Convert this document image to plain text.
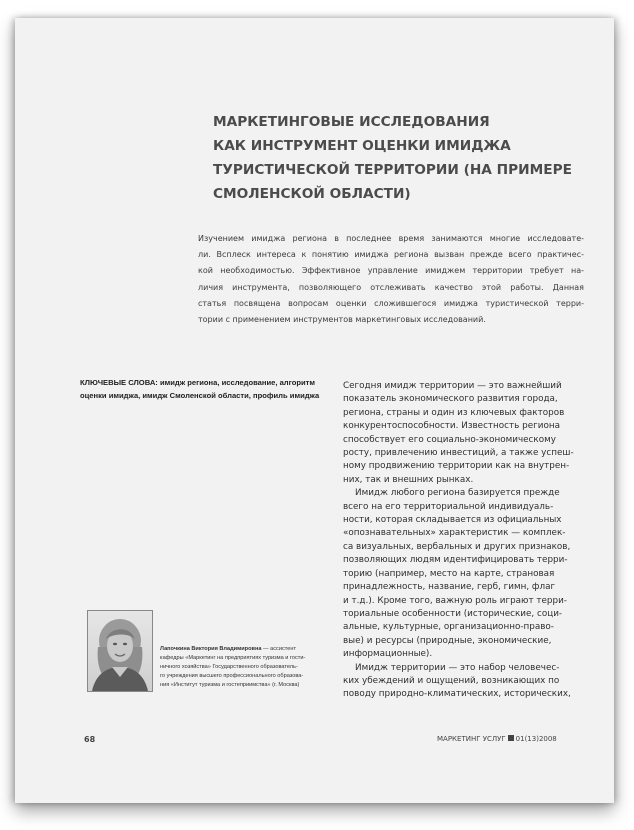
МАРКЕТИНГОВЫЕ ИССЛЕДОВАНИЯ
КАК ИНСТРУМЕНТ ОЦЕНКИ ИМИДЖА
ТУРИСТИЧЕСКОЙ ТЕРРИТОРИИ (НА ПРИМЕРЕ
СМОЛЕНСКОЙ ОБЛАСТИ)
Изучением имиджа региона в последнее время занимаются многие исследовате-
ли. Всплеск интереса к понятию имиджа региона вызван прежде всего практичес-
кой необходимостью. Эффективное управление имиджем территории требует на-
личия инструмента, позволяющего отслеживать качество этой работы. Данная
статья посвящена вопросам оценки сложившегося имиджа туристической терри-
тории с применением инструментов маркетинговых исследований.
КЛЮЧЕВЫЕ СЛОВА: имидж региона, исследование, алгоритм
оценки имиджа, имидж Смоленской области, профиль имиджа
Сегодня имидж территории — это важнейший
показатель экономического развития города,
региона, страны и один из ключевых факторов
конкурентоспособности. Известность региона
способствует его социально-экономическому
росту, привлечению инвестиций, а также успеш-
ному продвижению территории как на внутрен-
них, так и внешних рынках.
Имидж любого региона базируется прежде
всего на его территориальной индивидуаль-
ности, которая складывается из официальных
«опознавательных» характеристик — комплек-
са визуальных, вербальных и других признаков,
позволяющих людям идентифицировать терри-
торию (например, место на карте, страновая
принадлежность, название, герб, гимн, флаг
и т.д.). Кроме того, важную роль играют терри-
ториальные особенности (исторические, соци-
альные, культурные, организационно-право-
вые) и ресурсы (природные, экономические,
информационные).
Имидж территории — это набор человечес-
ких убеждений и ощущений, возникающих по
поводу природно-климатических, исторических,
Лапочкина Виктория Владимировна — ассистент
кафедры «Маркетинг на предприятиях туризма и гости-
ничного хозяйства» Государственного образователь-
го учреждения высшего профессионального образова-
ния «Институт туризма и гостеприимства» (г. Москва)
68	МАРКЕТИНГ УСЛУГ 01(13)2008
